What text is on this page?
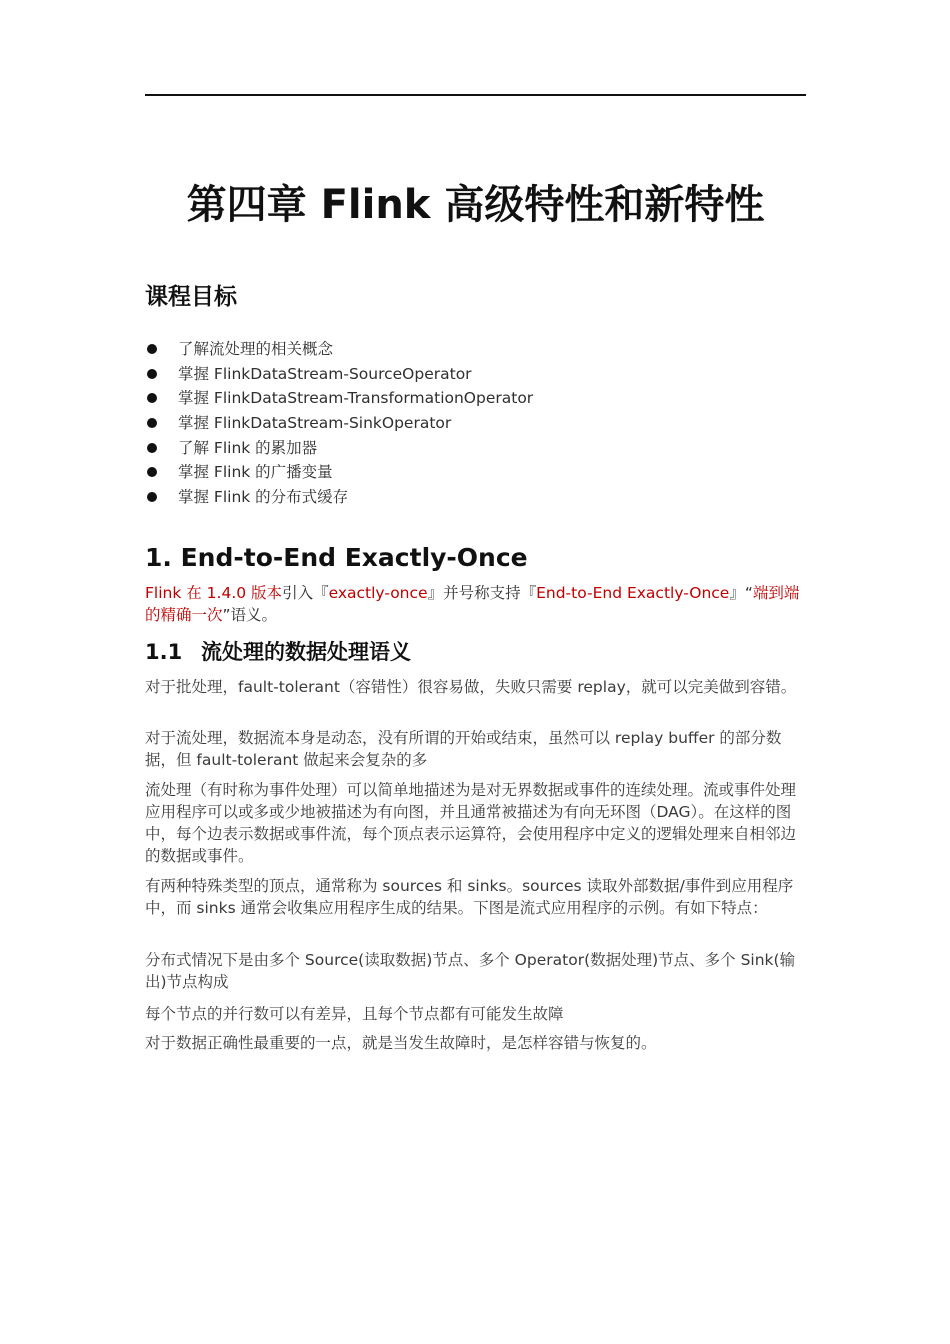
第四章 Flink 高级特性和新特性
课程目标
了解流处理的相关概念
掌握 FlinkDataStream-SourceOperator
掌握 FlinkDataStream-TransformationOperator
掌握 FlinkDataStream-SinkOperator
了解 Flink 的累加器
掌握 Flink 的广播变量
掌握 Flink 的分布式缓存
1. End-to-End Exactly-Once
Flink 在 1.4.0 版本引入『exactly-once』并号称支持『End-to-End Exactly-Once』“端到端的精确一次”语义。
1.1 流处理的数据处理语义

对于批处理，fault-tolerant（容错性）很容易做，失败只需要 replay，就可以完美做到容错。

对于流处理，数据流本身是动态，没有所谓的开始或结束，虽然可以 replay buffer 的部分数据，但 fault-tolerant 做起来会复杂的多

流处理（有时称为事件处理）可以简单地描述为是对无界数据或事件的连续处理。流或事件处理应用程序可以或多或少地被描述为有向图，并且通常被描述为有向无环图（DAG）。在这样的图中，每个边表示数据或事件流，每个顶点表示运算符，会使用程序中定义的逻辑处理来自相邻边的数据或事件。

有两种特殊类型的顶点，通常称为 sources 和 sinks。sources 读取外部数据/事件到应用程序中，而 sinks 通常会收集应用程序生成的结果。下图是流式应用程序的示例。有如下特点：

分布式情况下是由多个 Source(读取数据)节点、多个 Operator(数据处理)节点、多个 Sink(输出)节点构成

每个节点的并行数可以有差异，且每个节点都有可能发生故障

对于数据正确性最重要的一点，就是当发生故障时，是怎样容错与恢复的。
